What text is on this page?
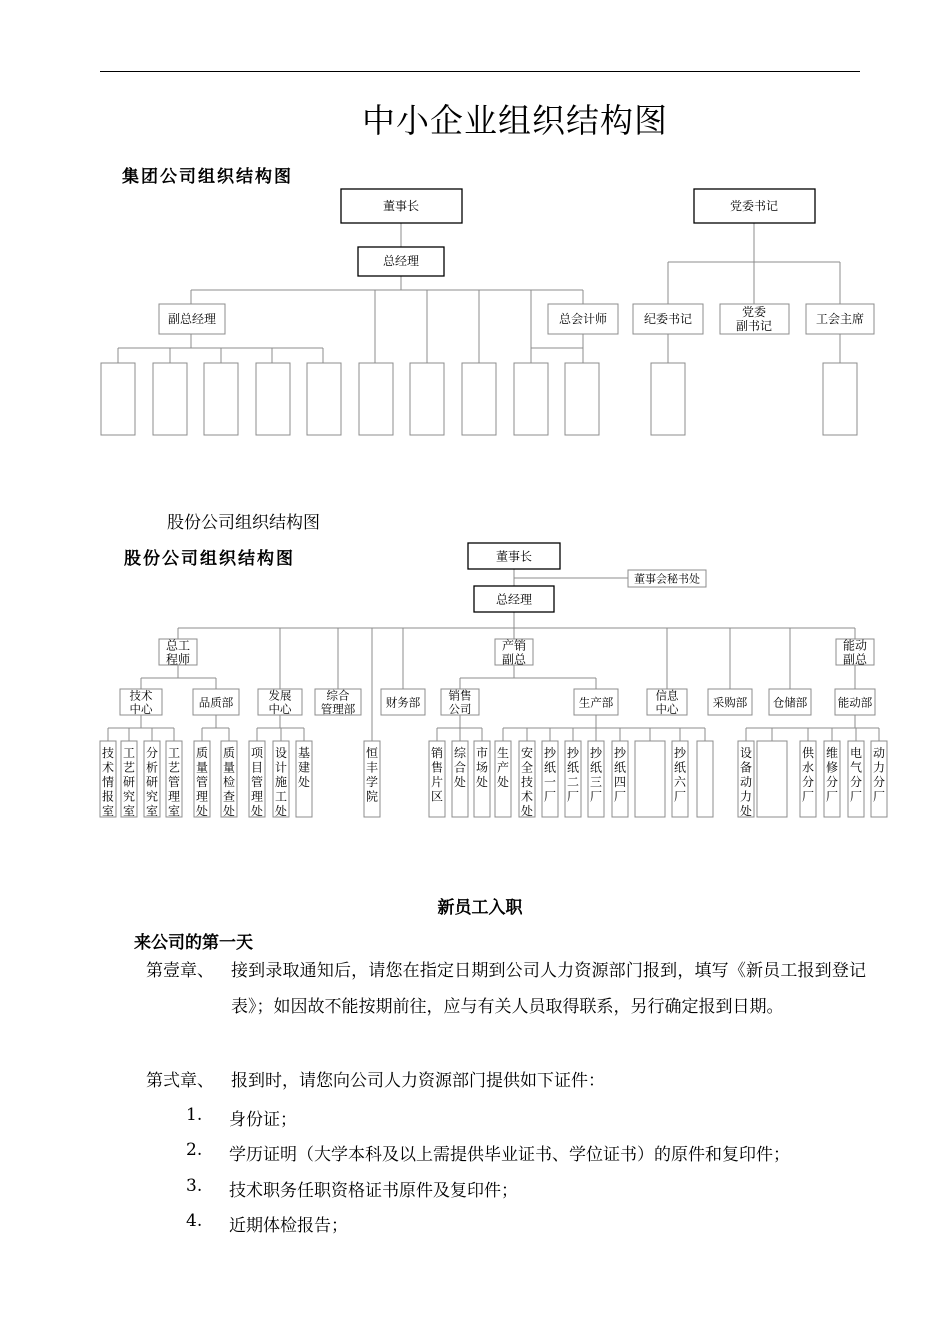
中小企业组织结构图
集团公司组织结构图
董事长	党委书记
总经理
副总经理	总会计师	纪委书记	党委
副书记	工会主席
股份公司组织结构图
股份公司组织结构图	董事长
董事会秘书处
总经理
总工
程师
产销
副总
能动
副总
技术
中心	品质部	发展
中心
综合
管理部	财务部 销售
公司	生产部	信息
中心	采购部 仓储部	能动部
技
术
情
报
室
工
艺
研
究
室
分
析
研
究
室
工
艺
管
理
室
质
量
管
理
处
质
量
检
查
处
项
目
管
理
处
设
计
施
工
处
基
建
处
恒
丰
学
院
销
售
片
区
综
合
处
市
场
处
生
产
处
安
全
技
术
处
抄
纸
一
厂
抄
纸
二
厂
抄
纸
三
厂
抄
纸
四
厂
抄
纸
六
厂
设
备
动
力
处
供
水
分
厂
维
修
分
厂
电
气
分
厂
动
力
分
厂
新员工入职
来公司的第一天
第壹章、 接到录取通知后，请您在指定日期到公司人力资源部门报到，填写《新员工报到登记表》；如因故不能按期前往，应与有关人员取得联系，另行确定报到日期。
第弍章、 报到时，请您向公司人力资源部门提供如下证件：
1. 身份证；
2. 学历证明（大学本科及以上需提供毕业证书、学位证书）的原件和复印件；
3. 技术职务任职资格证书原件及复印件；
4. 近期体检报告；
